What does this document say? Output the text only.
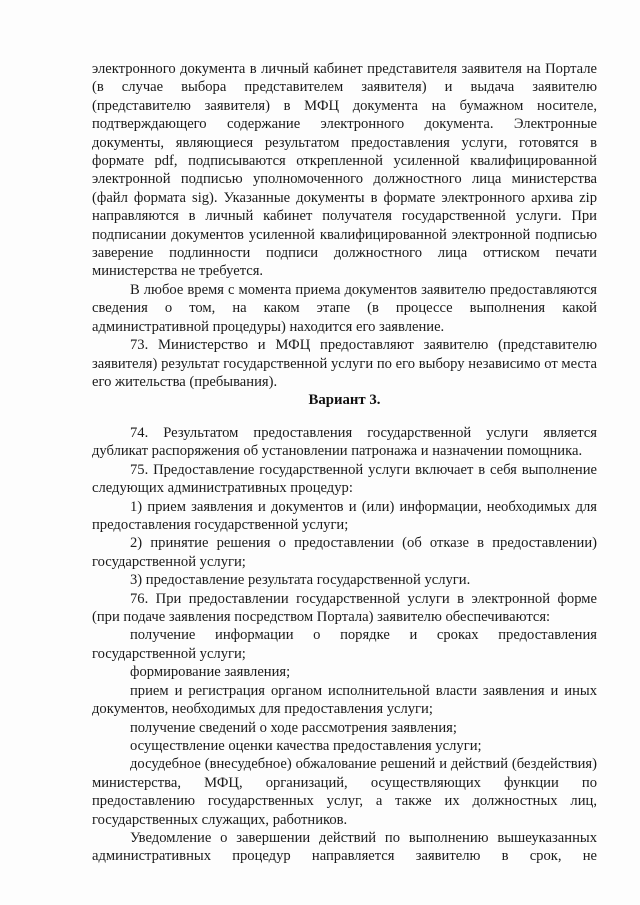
электронного документа в личный кабинет представителя заявителя на Портале (в случае выбора представителем заявителя) и выдача заявителю (представителю заявителя) в МФЦ документа на бумажном носителе, подтверждающего содержание электронного документа. Электронные документы, являющиеся результатом предоставления услуги, готовятся в формате pdf, подписываются открепленной усиленной квалифицированной электронной подписью уполномоченного должностного лица министерства (файл формата sig). Указанные документы в формате электронного архива zip направляются в личный кабинет получателя государственной услуги. При подписании документов усиленной квалифицированной электронной подписью заверение подлинности подписи должностного лица оттиском печати министерства не требуется.

В любое время с момента приема документов заявителю предоставляются сведения о том, на каком этапе (в процессе выполнения какой административной процедуры) находится его заявление.

73. Министерство и МФЦ предоставляют заявителю (представителю заявителя) результат государственной услуги по его выбору независимо от места его жительства (пребывания).

Вариант 3.

74. Результатом предоставления государственной услуги является дубликат распоряжения об установлении патронажа и назначении помощника.

75. Предоставление государственной услуги включает в себя выполнение следующих административных процедур:

1) прием заявления и документов и (или) информации, необходимых для предоставления государственной услуги;

2) принятие решения о предоставлении (об отказе в предоставлении) государственной услуги;

3) предоставление результата государственной услуги.

76. При предоставлении государственной услуги в электронной форме (при подаче заявления посредством Портала) заявителю обеспечиваются:

получение информации о порядке и сроках предоставления государственной услуги;

формирование заявления;

прием и регистрация органом исполнительной власти заявления и иных документов, необходимых для предоставления услуги;

получение сведений о ходе рассмотрения заявления;

осуществление оценки качества предоставления услуги;

досудебное (внесудебное) обжалование решений и действий (бездействия) министерства, МФЦ, организаций, осуществляющих функции по предоставлению государственных услуг, а также их должностных лиц, государственных служащих, работников.

Уведомление о завершении действий по выполнению вышеуказанных административных процедур направляется заявителю в срок, не
